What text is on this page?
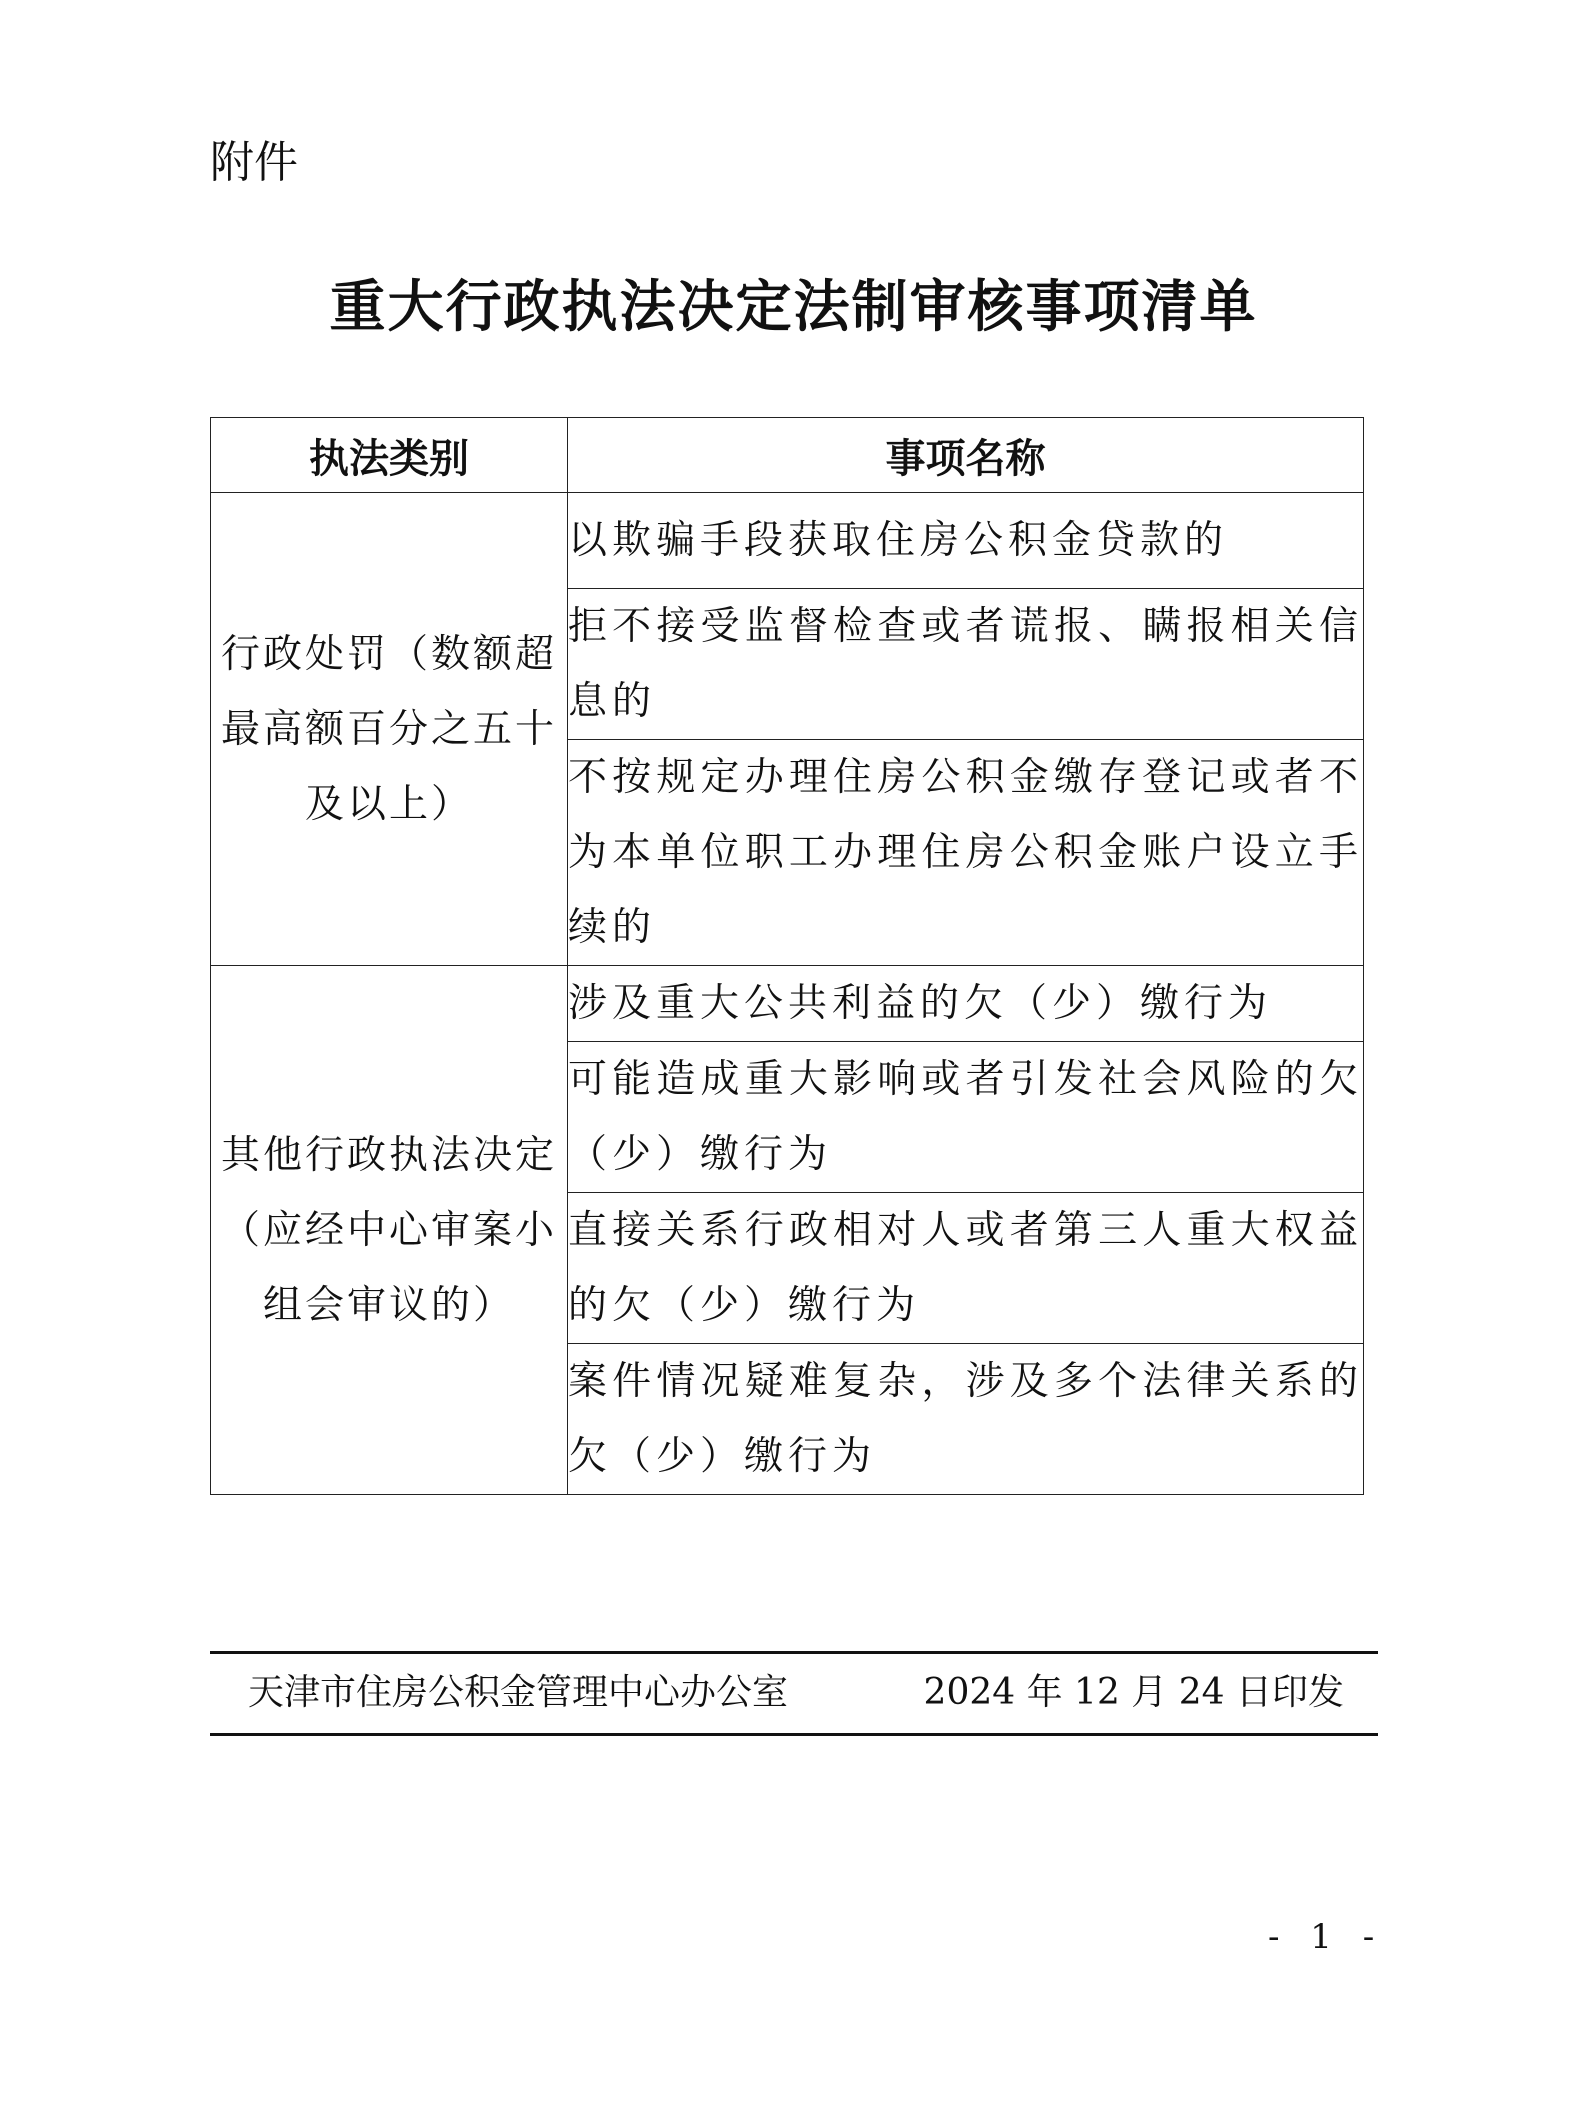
附件
重大行政执法决定法制审核事项清单
执法类别	事项名称
行政处罚（数额超最高额百分之五十及以上）	以欺骗手段获取住房公积金贷款的
	拒不接受监督检查或者谎报、瞒报相关信息的
	不按规定办理住房公积金缴存登记或者不为本单位职工办理住房公积金账户设立手续的
其他行政执法决定（应经中心审案小组会审议的）	涉及重大公共利益的欠（少）缴行为
	可能造成重大影响或者引发社会风险的欠（少）缴行为
	直接关系行政相对人或者第三人重大权益的欠（少）缴行为
	案件情况疑难复杂，涉及多个法律关系的欠（少）缴行为
天津市住房公积金管理中心办公室	2024 年 12 月 24 日印发
- 1 -
